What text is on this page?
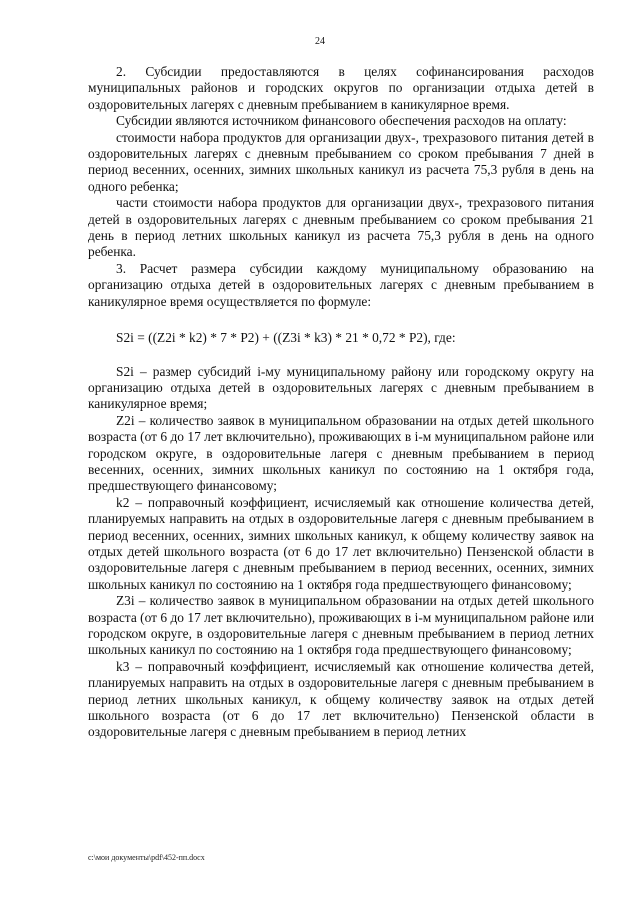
24

2. Субсидии предоставляются в целях софинансирования расходов муниципальных районов и городских округов по организации отдыха детей в оздоровительных лагерях с дневным пребыванием в каникулярное время.

Субсидии являются источником финансового обеспечения расходов на оплату:

стоимости набора продуктов для организации двух-, трехразового питания детей в оздоровительных лагерях с дневным пребыванием со сроком пребывания 7 дней в период весенних, осенних, зимних школьных каникул из расчета 75,3 рубля в день на одного ребенка;

части стоимости набора продуктов для организации двух-, трехразового питания детей в оздоровительных лагерях с дневным пребыванием со сроком пребывания 21 день в период летних школьных каникул из расчета 75,3 рубля в день на одного ребенка.

3. Расчет размера субсидии каждому муниципальному образованию на организацию отдыха детей в оздоровительных лагерях с дневным пребыванием в каникулярное время осуществляется по формуле:

S2i = ((Z2i * k2) * 7 * P2) + ((Z3i * k3) * 21 * 0,72 * P2), где:

S2i – размер субсидий i-му муниципальному району или городскому округу на организацию отдыха детей в оздоровительных лагерях с дневным пребыванием в каникулярное время;

Z2i – количество заявок в муниципальном образовании на отдых детей школьного возраста (от 6 до 17 лет включительно), проживающих в i-м муниципальном районе или городском округе, в оздоровительные лагеря с дневным пребыванием в период весенних, осенних, зимних школьных каникул по состоянию на 1 октября года, предшествующего финансовому;

k2 – поправочный коэффициент, исчисляемый как отношение количества детей, планируемых направить на отдых в оздоровительные лагеря с дневным пребыванием в период весенних, осенних, зимних школьных каникул, к общему количеству заявок на отдых детей школьного возраста (от 6 до 17 лет включительно) Пензенской области в оздоровительные лагеря с дневным пребыванием в период весенних, осенних, зимних школьных каникул по состоянию на 1 октября года предшествующего финансовому;

Z3i – количество заявок в муниципальном образовании на отдых детей школьного возраста (от 6 до 17 лет включительно), проживающих в i-м муниципальном районе или городском округе, в оздоровительные лагеря с дневным пребыванием в период летних школьных каникул по состоянию на 1 октября года предшествующего финансовому;

k3 – поправочный коэффициент, исчисляемый как отношение количества детей, планируемых направить на отдых в оздоровительные лагеря с дневным пребыванием в период летних школьных каникул, к общему количеству заявок на отдых детей школьного возраста (от 6 до 17 лет включительно) Пензенской области в оздоровительные лагеря с дневным пребыванием в период летних

c:\мои документы\pdf\452-пп.docx
